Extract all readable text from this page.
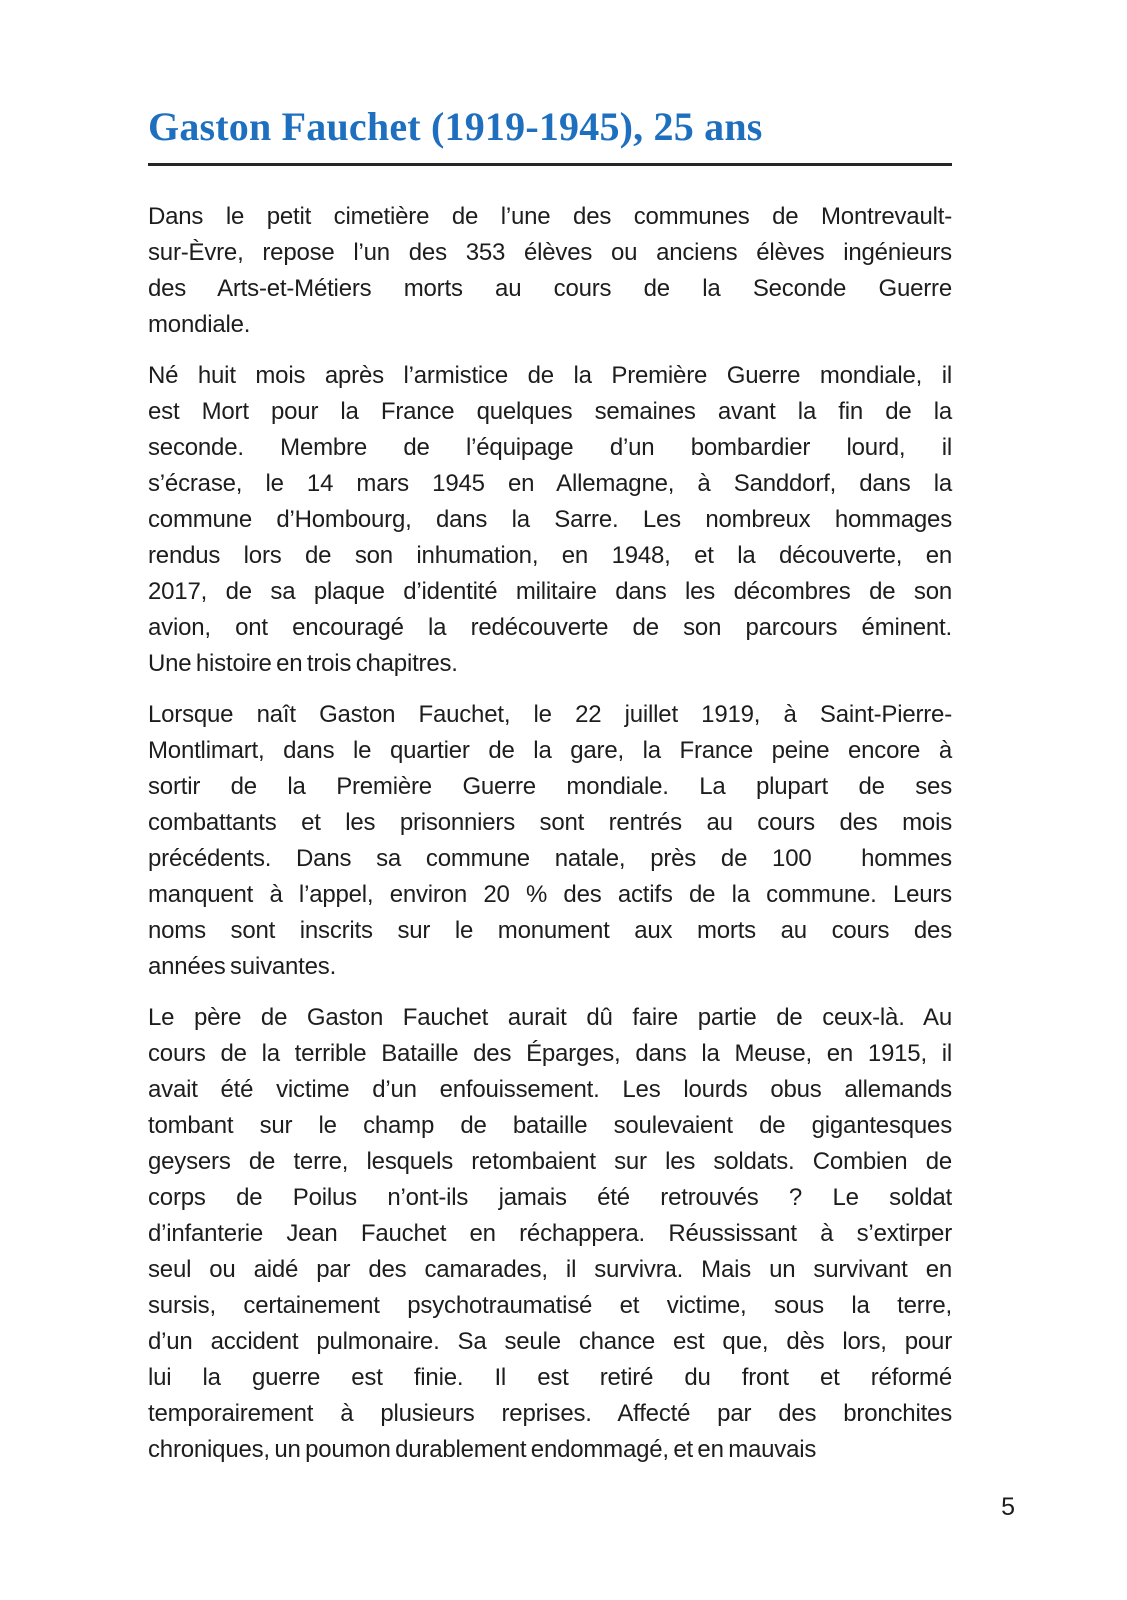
Gaston Fauchet (1919-1945), 25 ans
Dans le petit cimetière de l’une des communes de Montrevault-
sur-Èvre, repose l’un des 353 élèves ou anciens élèves ingénieurs
des Arts-et-Métiers morts au cours de la Seconde Guerre
mondiale.
Né huit mois après l’armistice de la Première Guerre mondiale, il
est Mort pour la France quelques semaines avant la fin de la
seconde. Membre de l’équipage d’un bombardier lourd, il
s’écrase, le 14 mars 1945 en Allemagne, à Sanddorf, dans la
commune d’Hombourg, dans la Sarre. Les nombreux hommages
rendus lors de son inhumation, en 1948, et la découverte, en
2017, de sa plaque d’identité militaire dans les décombres de son
avion, ont encouragé la redécouverte de son parcours éminent.
Une histoire en trois chapitres.
Lorsque naît Gaston Fauchet, le 22 juillet 1919, à Saint-Pierre-
Montlimart, dans le quartier de la gare, la France peine encore à
sortir de la Première Guerre mondiale. La plupart de ses
combattants et les prisonniers sont rentrés au cours des mois
précédents. Dans sa commune natale, près de 100  hommes
manquent à l’appel, environ 20 % des actifs de la commune. Leurs
noms sont inscrits sur le monument aux morts au cours des
années suivantes.
Le père de Gaston Fauchet aurait dû faire partie de ceux-là. Au
cours de la terrible Bataille des Éparges, dans la Meuse, en 1915, il
avait été victime d’un enfouissement. Les lourds obus allemands
tombant sur le champ de bataille soulevaient de gigantesques
geysers de terre, lesquels retombaient sur les soldats. Combien de
corps de Poilus n’ont-ils jamais été retrouvés ? Le soldat
d’infanterie Jean Fauchet en réchappera. Réussissant à s’extirper
seul ou aidé par des camarades, il survivra. Mais un survivant en
sursis, certainement psychotraumatisé et victime, sous la terre,
d’un accident pulmonaire. Sa seule chance est que, dès lors, pour
lui la guerre est finie. Il est retiré du front et réformé
temporairement à plusieurs reprises. Affecté par des bronchites
chroniques, un poumon durablement endommagé, et en mauvais
5
